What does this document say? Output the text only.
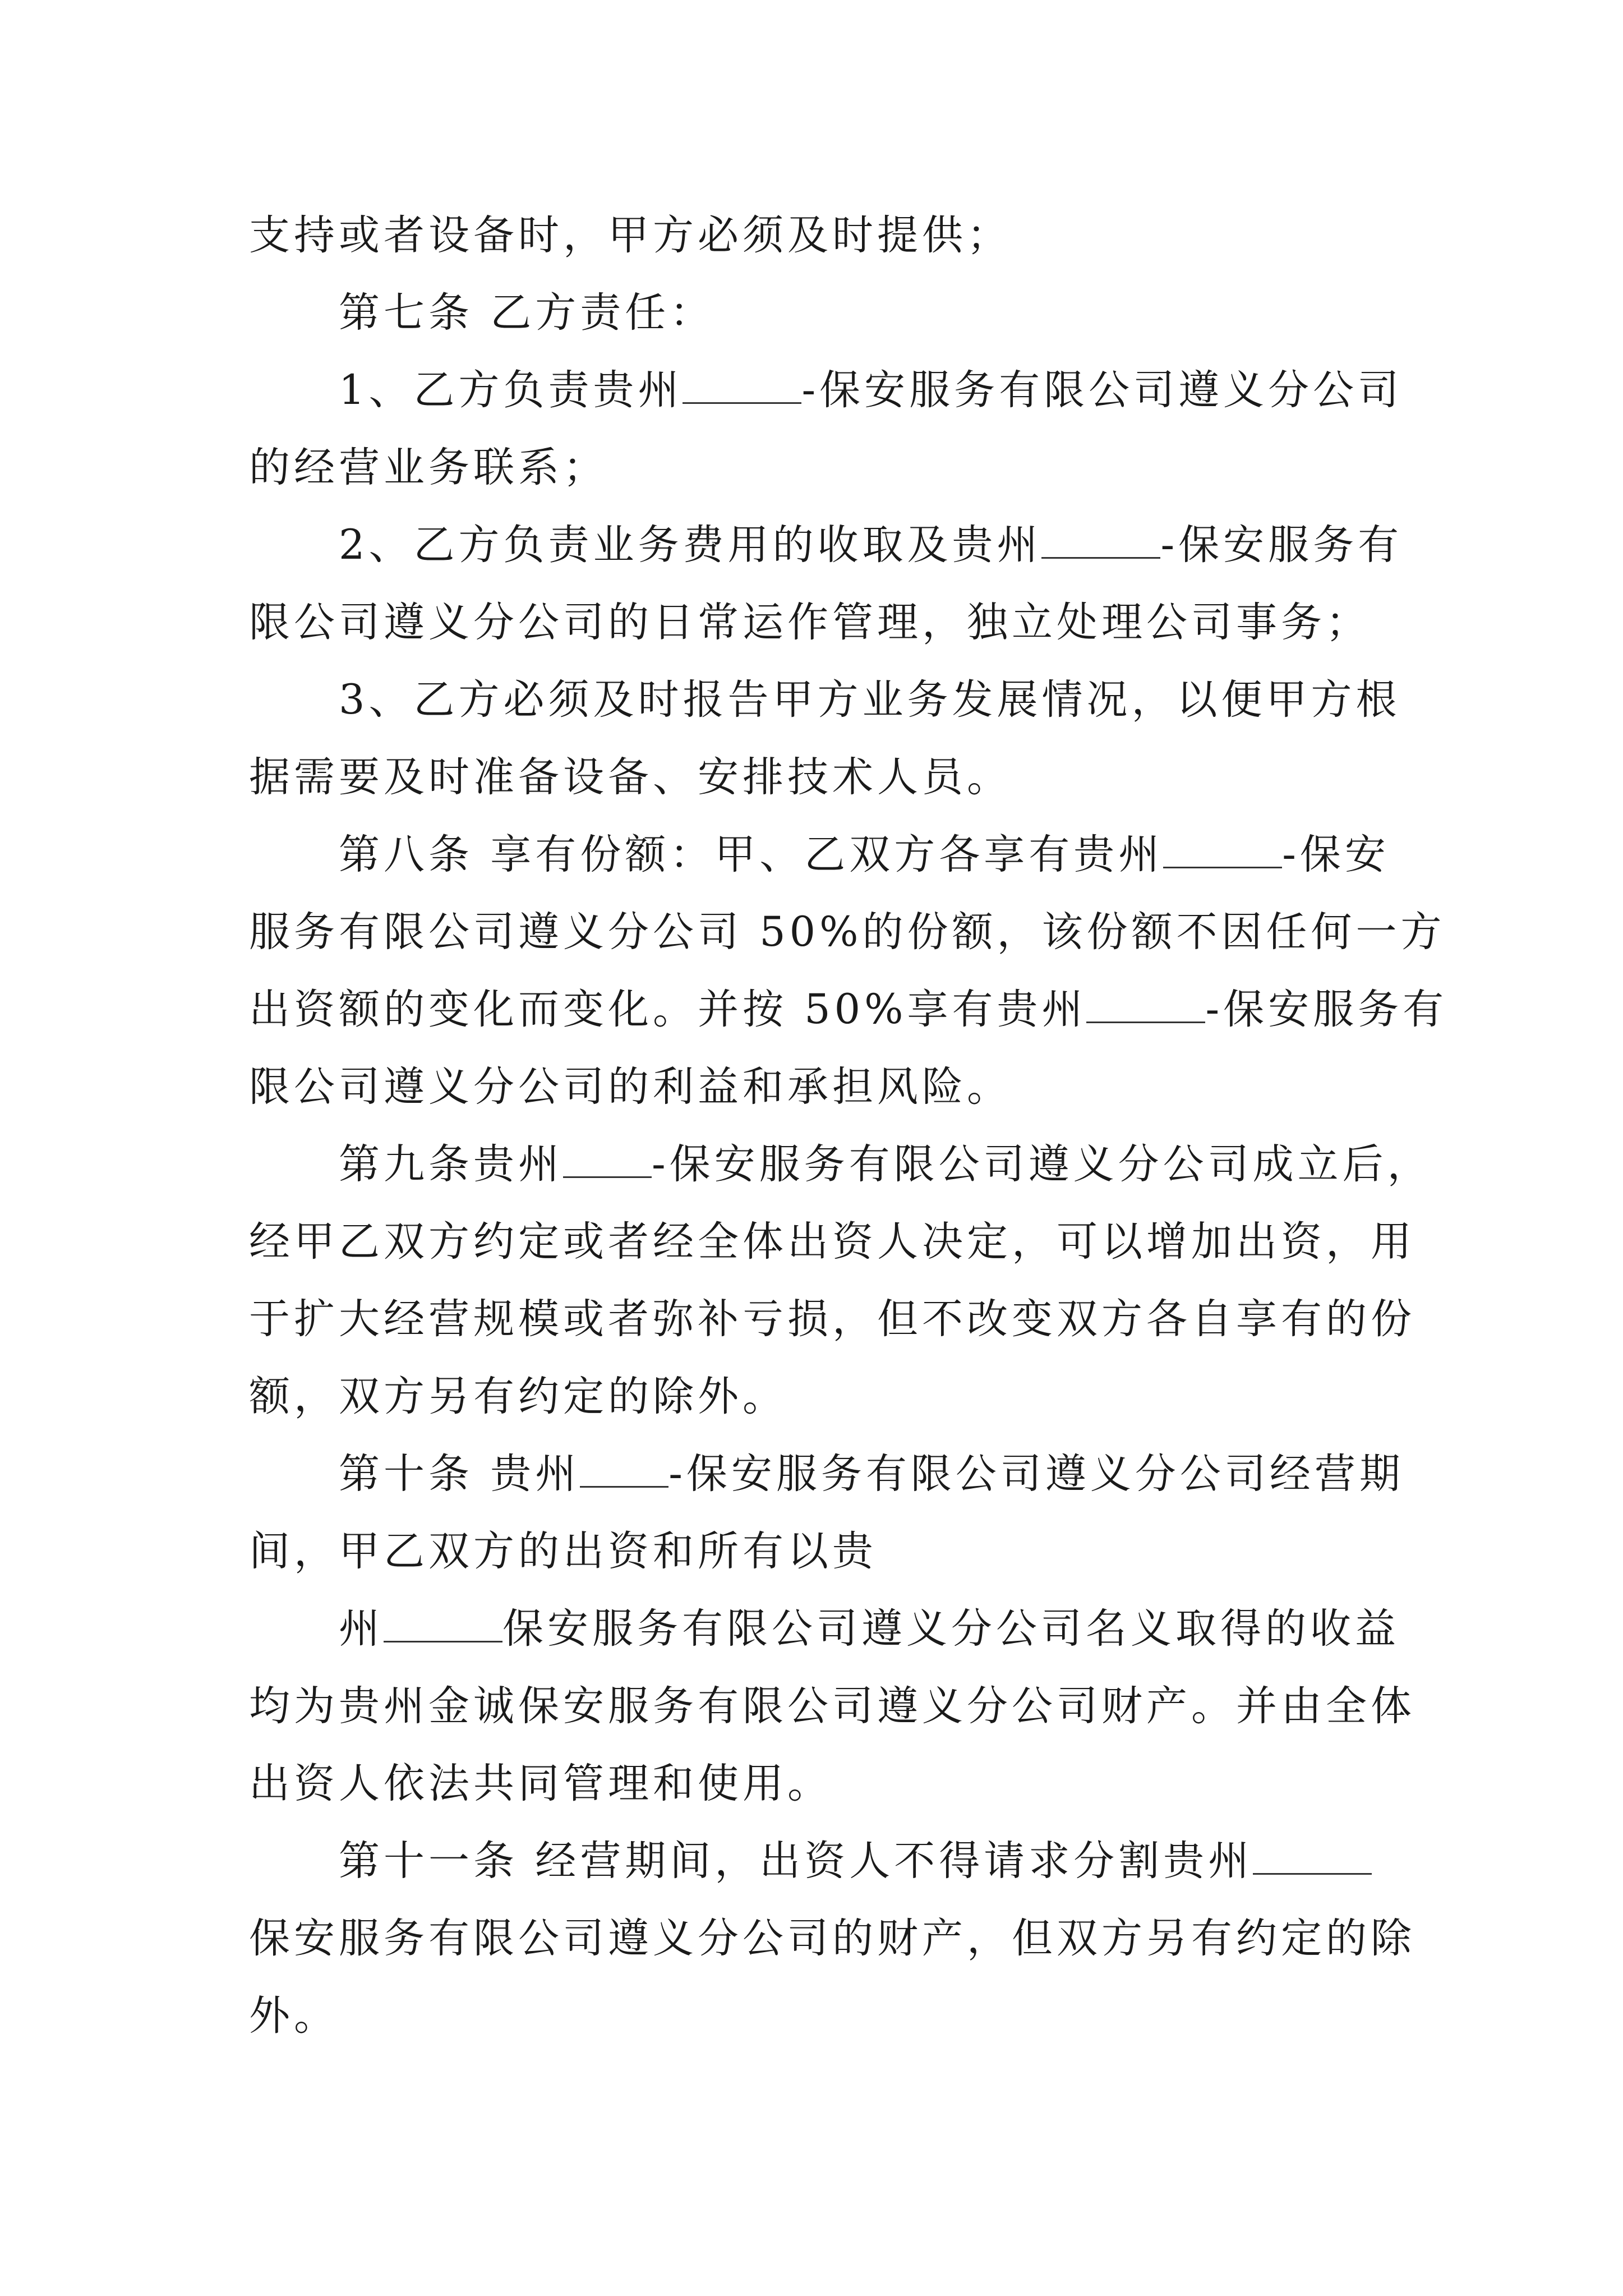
支持或者设备时，甲方必须及时提供；

第七条 乙方责任：

1、乙方负责贵州	-保安服务有限公司遵义分公司

的经营业务联系；

2、乙方负责业务费用的收取及贵州	-保安服务有

限公司遵义分公司的日常运作管理，独立处理公司事务；

3、乙方必须及时报告甲方业务发展情况，以便甲方根

据需要及时准备设备、安排技术人员。

第八条 享有份额：甲、乙双方各享有贵州	-保安

服务有限公司遵义分公司 50%的份额，该份额不因任何一方

出资额的变化而变化。并按 50%享有贵州	-保安服务有

限公司遵义分公司的利益和承担风险。

第九条贵州 -保安服务有限公司遵义分公司成立后，

经甲乙双方约定或者经全体出资人决定，可以增加出资，用

于扩大经营规模或者弥补亏损，但不改变双方各自享有的份

额，双方另有约定的除外。

第十条 贵州 -保安服务有限公司遵义分公司经营期

间，甲乙双方的出资和所有以贵

州	保安服务有限公司遵义分公司名义取得的收益

均为贵州金诚保安服务有限公司遵义分公司财产。并由全体

出资人依法共同管理和使用。

第十一条 经营期间，出资人不得请求分割贵州

保安服务有限公司遵义分公司的财产，但双方另有约定的除

外。
